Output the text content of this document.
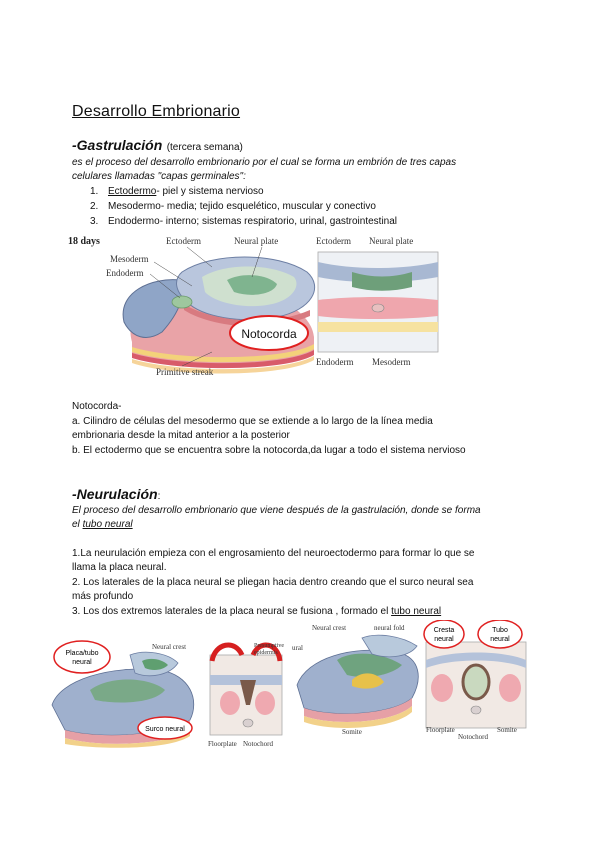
Desarrollo Embrionario
-Gastrulación (tercera semana)
es el proceso del desarrollo embrionario por el cual se forma un embrión de tres capas
celulares llamadas "capas germinales":
1. Ectodermo- piel y sistema nervioso
2. Mesodermo- media; tejido esquelético, muscular y conectivo
3. Endodermo- interno; sistemas respiratorio, urinal, gastrointestinal
18 days
Mesoderm
Endoderm
Ectoderm	Neural plate
Primitive streak
Notocorda
Ectoderm Neural plate
Endoderm Mesoderm
Notocorda-
a. Cilindro de células del mesodermo que se extiende a lo largo de la línea media
embrionaria desde la mitad anterior a la posterior
b. El ectodermo que se encuentra sobre la notocorda,da lugar a todo el sistema nervioso
-Neurulación:
El proceso del desarrollo embrionario que viene después de la gastrulación, donde se forma
el tubo neural
1.La neurulación empieza con el engrosamiento del neuroectodermo para formar lo que se
llama la placa neural.
2. Los laterales de la placa neural se pliegan hacia dentro creando que el surco neural sea
más profundo
3. Los dos extremos laterales de la placa neural se fusiona , formado el tubo neural
Placa/tubo
neural
Neural crest
Surco neural
Presumptive
epidermis
Floorplate Notochord
Neural crest	neural fold
ural
Somite
Cresta
neural
Tubo
neural
Floorplate
Notochord
Somite
